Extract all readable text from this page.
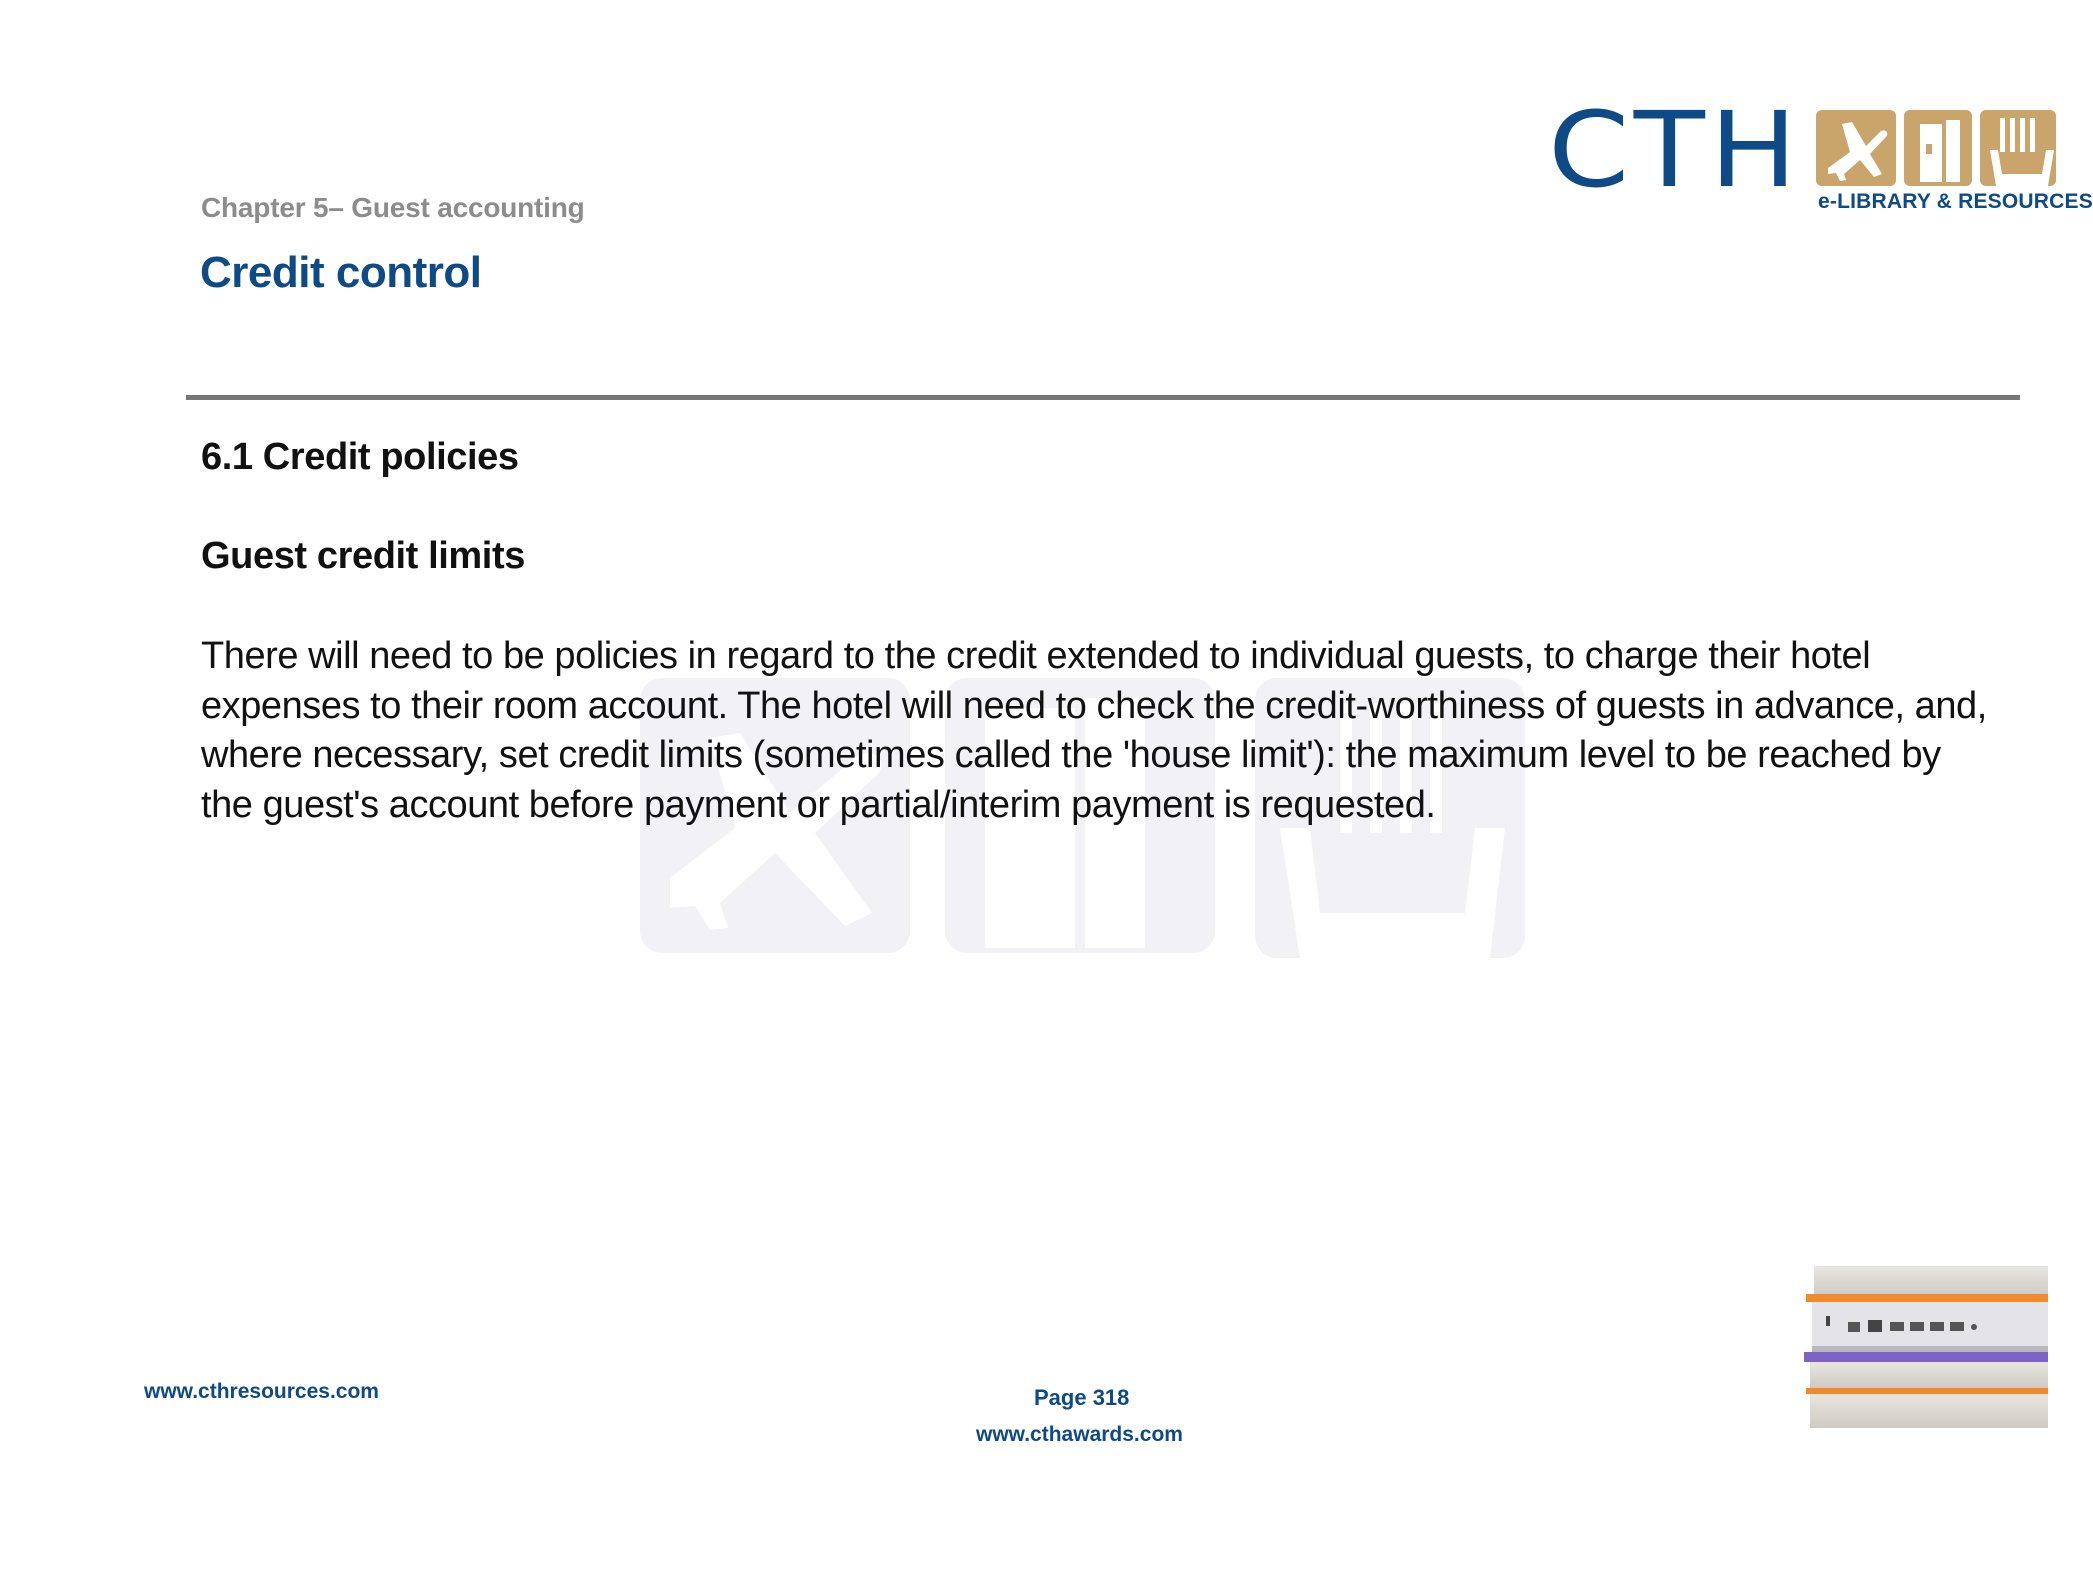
Chapter 5– Guest accounting
Credit control
CTH e-LIBRARY & RESOURCES
6.1 Credit policies
Guest credit limits

There will need to be policies in regard to the credit extended to individual guests, to charge their hotel expenses to their room account. The hotel will need to check the credit-worthiness of guests in advance, and, where necessary, set credit limits (sometimes called the 'house limit'): the maximum level to be reached by the guest's account before payment or partial/interim payment is requested.

www.cthresources.com	Page 318
www.cthawards.com
